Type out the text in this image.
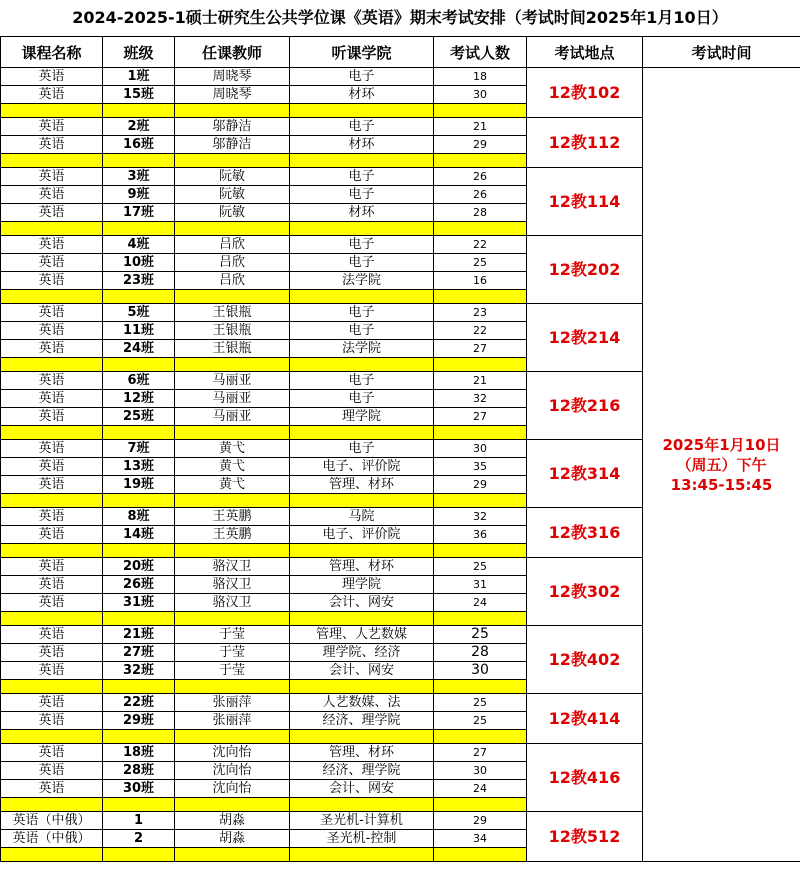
2024-2025-1硕士研究生公共学位课《英语》期末考试安排（考试时间2025年1月10日）
课程名称	班级	任课教师	听课学院	考试人数	考试地点	考试时间
英语	1班	周晓琴	电子	18	12教102	2025年1月10日
（周五）下午
13:45-15:45

英语	15班	周晓琴	材环	30		

英语	2班	邬静洁	电子	21	12教112	
英语	16班	邬静洁	材环	29		

英语	3班	阮敏	电子	26	12教114	
英语	9班	阮敏	电子	26		
英语	17班	阮敏	材环	28		

英语	4班	吕欣	电子	22	12教202	
英语	10班	吕欣	电子	25		
英语	23班	吕欣	法学院	16		

英语	5班	王银瓶	电子	23	12教214	
英语	11班	王银瓶	电子	22		
英语	24班	王银瓶	法学院	27		

英语	6班	马丽亚	电子	21	12教216	
英语	12班	马丽亚	电子	32		
英语	25班	马丽亚	理学院	27		

英语	7班	黄弋	电子	30	12教314	
英语	13班	黄弋	电子、评价院	35		
英语	19班	黄弋	管理、材环	29		

英语	8班	王英鹏	马院	32	12教316	
英语	14班	王英鹏	电子、评价院	36		

英语	20班	骆汉卫	管理、材环	25	12教302	
英语	26班	骆汉卫	理学院	31		
英语	31班	骆汉卫	会计、网安	24		

英语	21班	于莹	管理、人艺数媒	25	12教402	
英语	27班	于莹	理学院、经济	28		
英语	32班	于莹	会计、网安	30		

英语	22班	张丽萍	人艺数媒、法	25	12教414	
英语	29班	张丽萍	经济、理学院	25		

英语	18班	沈向怡	管理、材环	27	12教416	
英语	28班	沈向怡	经济、理学院	30		
英语	30班	沈向怡	会计、网安	24		

英语（中俄）	1	胡淼	圣光机-计算机	29	12教512	
英语（中俄）	2	胡淼	圣光机-控制	34		
